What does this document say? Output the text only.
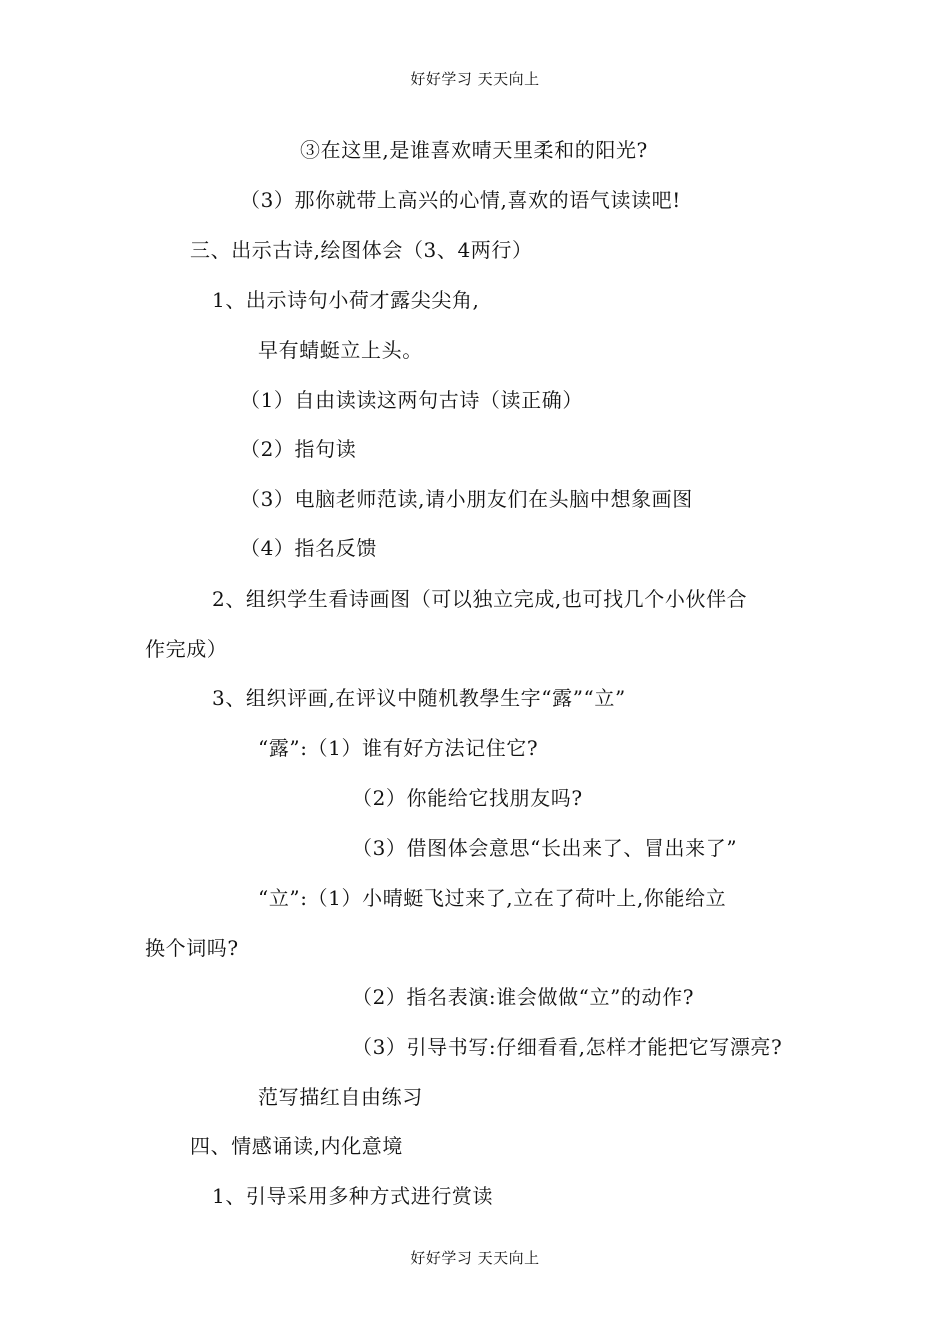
好好学习 天天向上
③在这里,是谁喜欢晴天里柔和的阳光?
（3）那你就带上高兴的心情,喜欢的语气读读吧!
三、出示古诗,绘图体会（3、4两行）
1、出示诗句小荷才露尖尖角,
早有蜻蜓立上头。
（1）自由读读这两句古诗（读正确）
（2）指句读
（3）电脑老师范读,请小朋友们在头脑中想象画图
（4）指名反馈
2、组织学生看诗画图（可以独立完成,也可找几个小伙伴合
作完成）
3、组织评画,在评议中随机教學生字“露”“立”
“露”:（1）谁有好方法记住它?
（2）你能给它找朋友吗?
（3）借图体会意思“长出来了、冒出来了”
“立”:（1）小晴蜓飞过来了,立在了荷叶上,你能给立
换个词吗?
（2）指名表演:谁会做做“立”的动作?
（3）引导书写:仔细看看,怎样才能把它写漂亮?
范写描红自由练习
四、情感诵读,内化意境
1、引导采用多种方式进行赏读
好好学习 天天向上
